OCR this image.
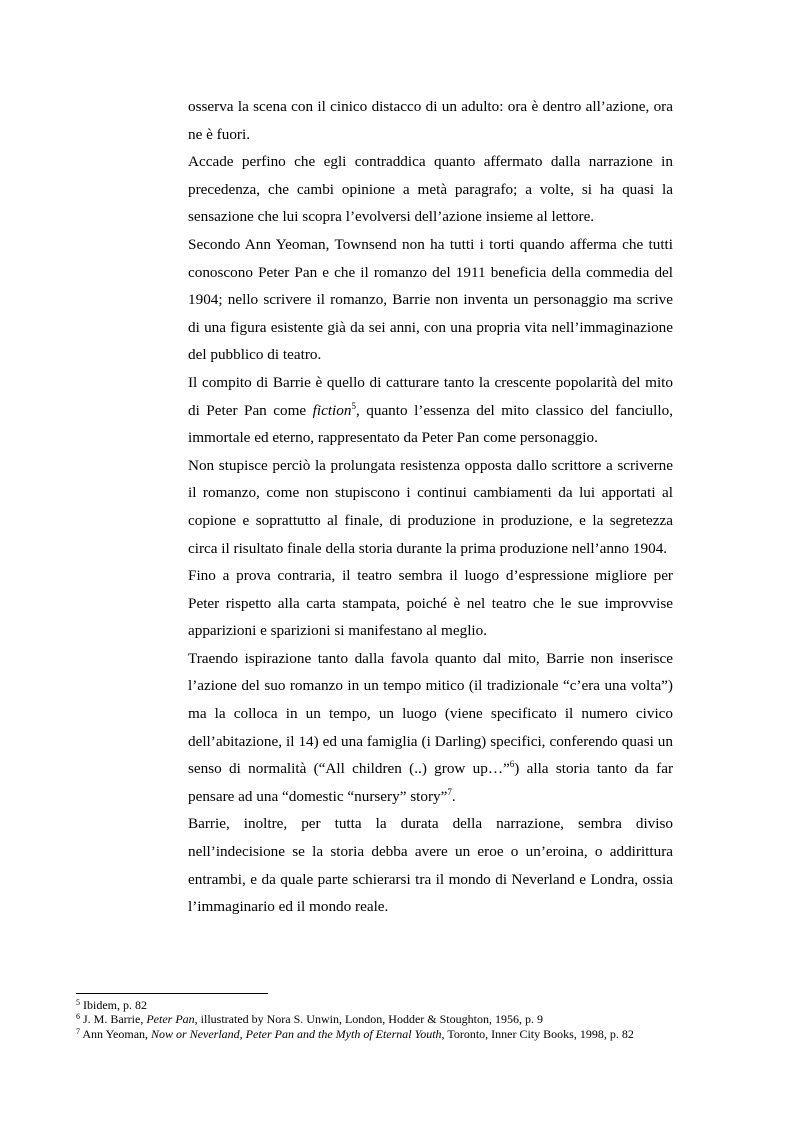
osserva la scena con il cinico distacco di un adulto: ora è dentro all’azione, ora ne è fuori.

Accade perfino che egli contraddica quanto affermato dalla narrazione in precedenza, che cambi opinione a metà paragrafo; a volte, si ha quasi la sensazione che lui scopra l’evolversi dell’azione insieme al lettore.

Secondo Ann Yeoman, Townsend non ha tutti i torti quando afferma che tutti conoscono Peter Pan e che il romanzo del 1911 beneficia della commedia del 1904; nello scrivere il romanzo, Barrie non inventa un personaggio ma scrive di una figura esistente già da sei anni, con una propria vita nell’immaginazione del pubblico di teatro.

Il compito di Barrie è quello di catturare tanto la crescente popolarità del mito di Peter Pan come fiction$^5$, quanto l’essenza del mito classico del fanciullo, immortale ed eterno, rappresentato da Peter Pan come personaggio.

Non stupisce perciò la prolungata resistenza opposta dallo scrittore a scriverne il romanzo, come non stupiscono i continui cambiamenti da lui apportati al copione e soprattutto al finale, di produzione in produzione, e la segretezza circa il risultato finale della storia durante la prima produzione nell’anno 1904.

Fino a prova contraria, il teatro sembra il luogo d’espressione migliore per Peter rispetto alla carta stampata, poiché è nel teatro che le sue improvvise apparizioni e sparizioni si manifestano al meglio.

Traendo ispirazione tanto dalla favola quanto dal mito, Barrie non inserisce l’azione del suo romanzo in un tempo mitico (il tradizionale “c’era una volta”) ma la colloca in un tempo, un luogo (viene specificato il numero civico dell’abitazione, il 14) ed una famiglia (i Darling) specifici, conferendo quasi un senso di normalità (“All children (..) grow up…”$^6$) alla storia tanto da far pensare ad una “domestic “nursery” story”$^7$.

Barrie, inoltre, per tutta la durata della narrazione, sembra diviso nell’indecisione se la storia debba avere un eroe o un’eroina, o addirittura entrambi, e da quale parte schierarsi tra il mondo di Neverland e Londra, ossia l’immaginario ed il mondo reale.

$^5$ Ibidem, p. 82

$^6$ J. M. Barrie, Peter Pan, illustrated by Nora S. Unwin, London, Hodder & Stoughton, 1956, p. 9

$^7$ Ann Yeoman, Now or Neverland, Peter Pan and the Myth of Eternal Youth, Toronto, Inner City Books, 1998, p. 82
